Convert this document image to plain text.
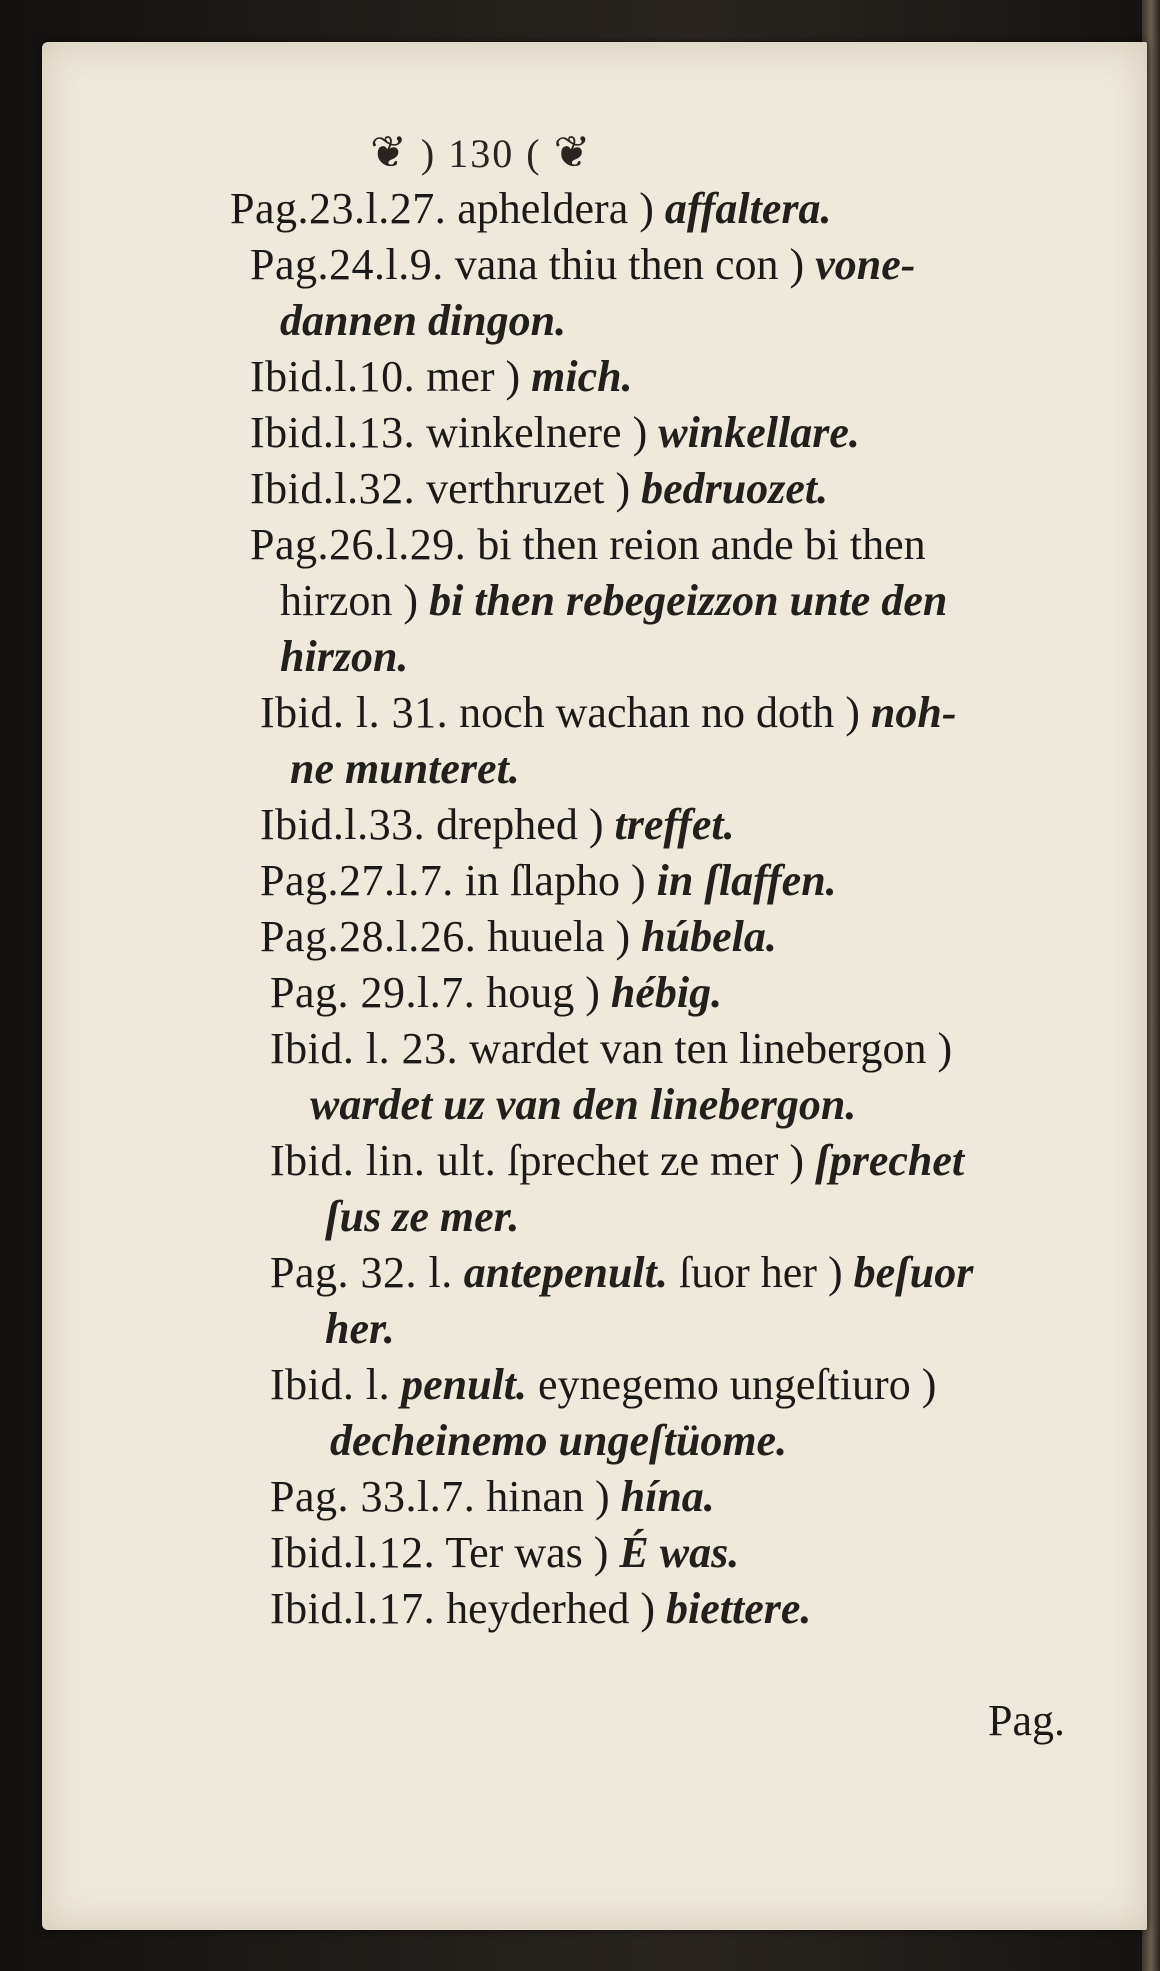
❦ ) 130 ( ❦
Pag.23.l.27. apheldera ) affaltera.
Pag.24.l.9. vana thiu then con ) vone-
dannen dingon.
Ibid.l.10. mer ) mich.
Ibid.l.13. winkelnere ) winkellare.
Ibid.l.32. verthruzet ) bedruozet.
Pag.26.l.29. bi then reion ande bi then
hirzon ) bi then rebegeizzon unte den
hirzon.
Ibid. l. 31. noch wachan no doth ) noh-
ne munteret.
Ibid.l.33. drephed ) treffet.
Pag.27.l.7. in ſlapho ) in ſlaffen.
Pag.28.l.26. huuela ) húbela.
Pag. 29.l.7. houg ) hébig.
Ibid. l. 23. wardet van ten linebergon )
wardet uz van den linebergon.
Ibid. lin. ult. ſprechet ze mer ) ſprechet
ſus ze mer.
Pag. 32. l. antepenult. ſuor her ) beſuor
her.
Ibid. l. penult. eynegemo ungeſtiuro )
decheinemo ungeſtüome.
Pag. 33.l.7. hinan ) hína.
Ibid.l.12. Ter was ) É was.
Ibid.l.17. heyderhed ) biettere.
Pag.
